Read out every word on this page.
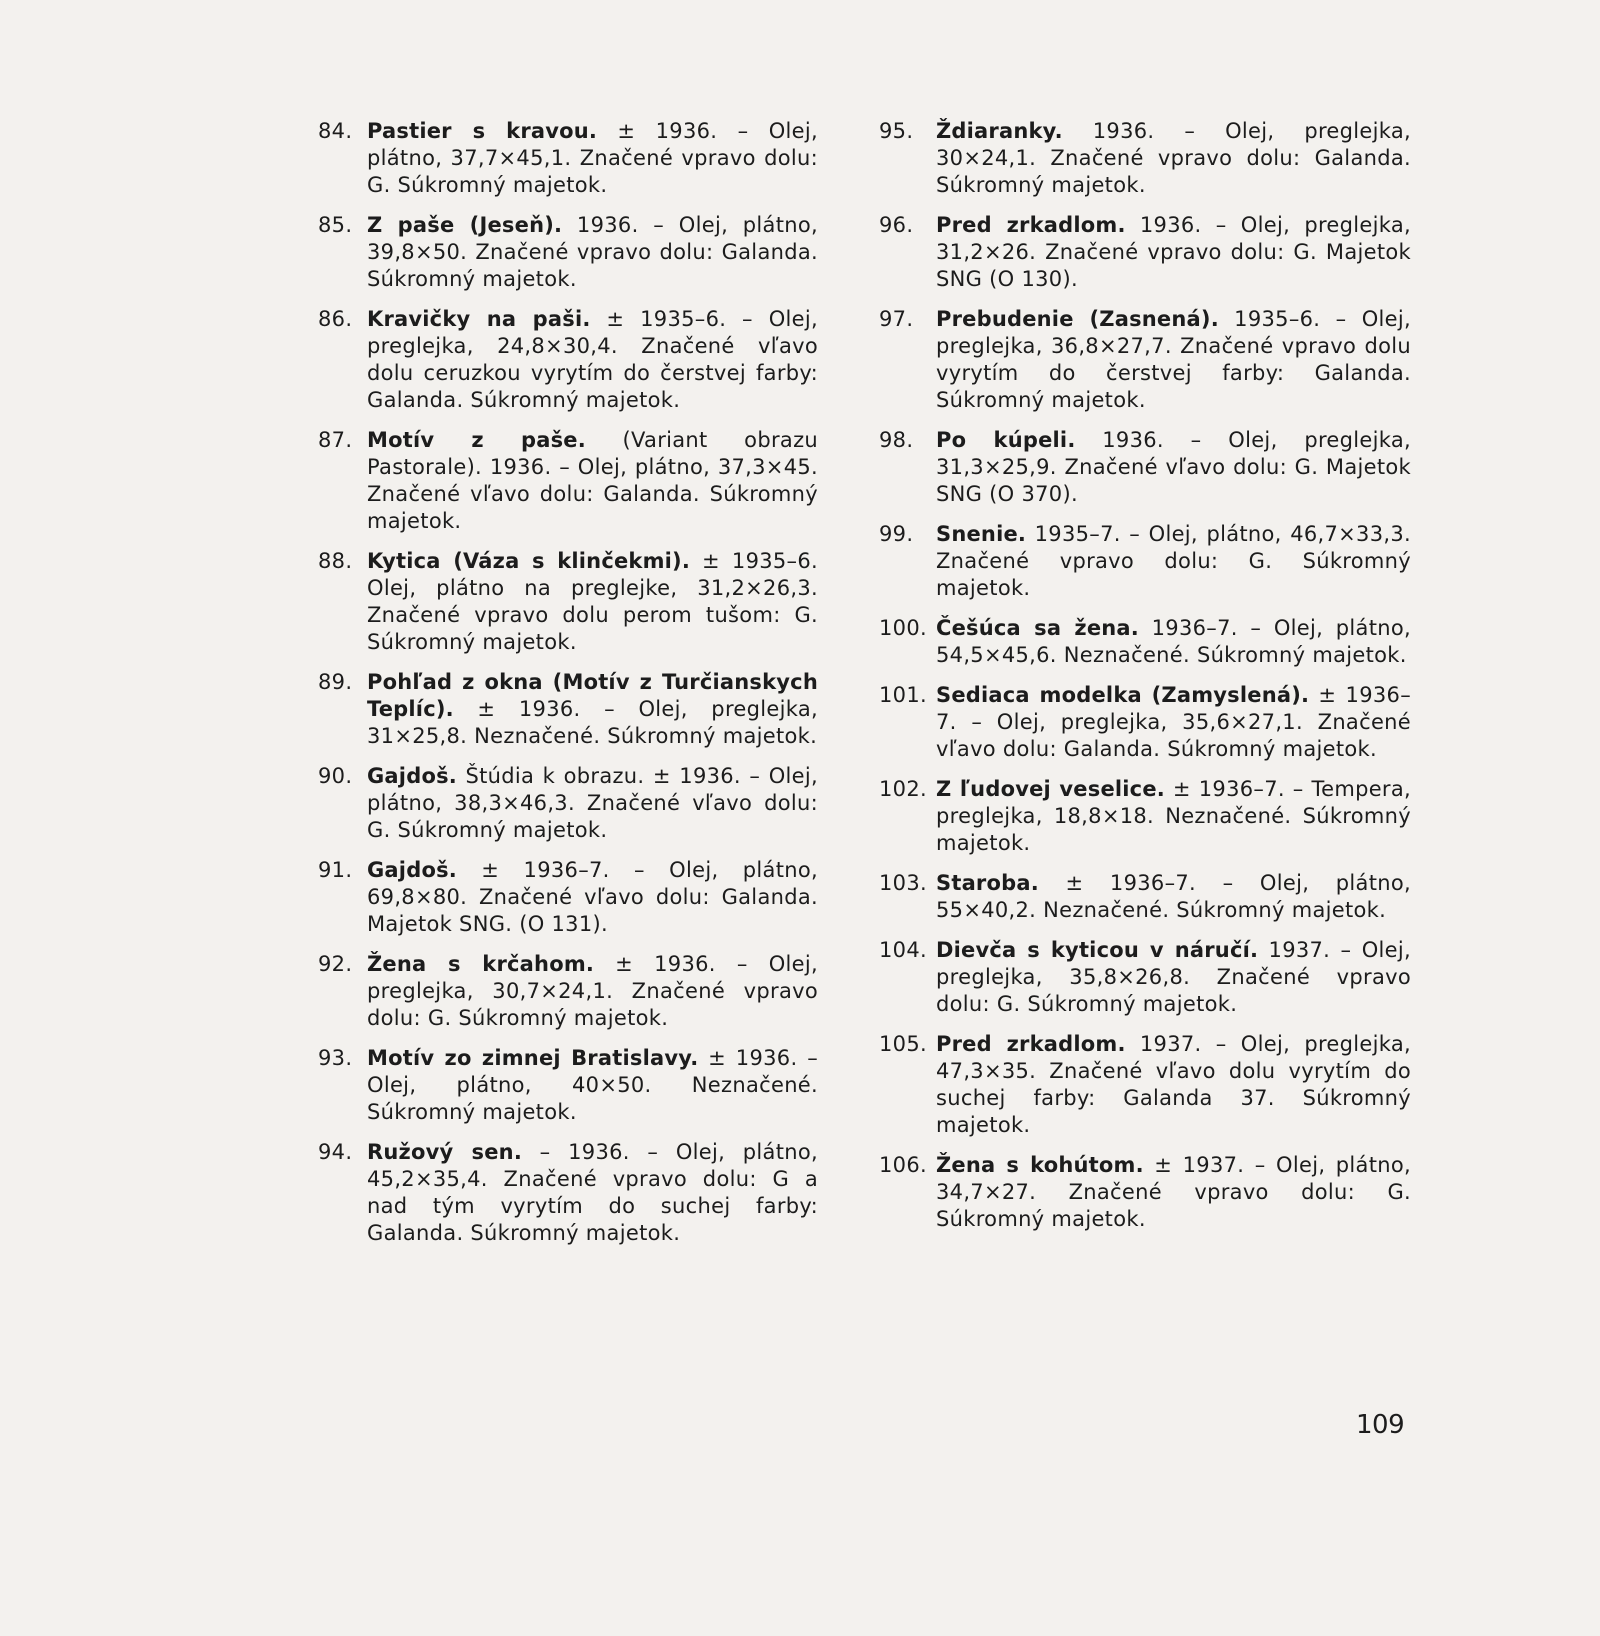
84. Pastier s kravou. ± 1936. – Olej, plátno, 37,7×45,1. Značené vpravo dolu: G. Súkromný majetok.
85. Z paše (Jeseň). 1936. – Olej, plátno, 39,8×50. Značené vpravo dolu: Galanda. Súkromný majetok.
86. Kravičky na paši. ± 1935–6. – Olej, preglejka, 24,8×30,4. Značené vľavo dolu ceruzkou vyrytím do čerstvej farby: Galanda. Súkromný majetok.
87. Motív z paše. (Variant obrazu Pastorale). 1936. – Olej, plátno, 37,3×45. Značené vľavo dolu: Galanda. Súkromný majetok.
88. Kytica (Váza s klinčekmi). ± 1935–6. Olej, plátno na preglejke, 31,2×26,3. Značené vpravo dolu perom tušom: G. Súkromný majetok.
89. Pohľad z okna (Motív z Turčianskych Teplíc). ± 1936. – Olej, preglejka, 31×25,8. Neznačené. Súkromný majetok.
90. Gajdoš. Štúdia k obrazu. ± 1936. – Olej, plátno, 38,3×46,3. Značené vľavo dolu: G. Súkromný majetok.
91. Gajdoš. ± 1936–7. – Olej, plátno, 69,8×80. Značené vľavo dolu: Galanda. Majetok SNG. (O 131).
92. Žena s krčahom. ± 1936. – Olej, preglejka, 30,7×24,1. Značené vpravo dolu: G. Súkromný majetok.
93. Motív zo zimnej Bratislavy. ± 1936. – Olej, plátno, 40×50. Neznačené. Súkromný majetok.
94. Ružový sen. – 1936. – Olej, plátno, 45,2×35,4. Značené vpravo dolu: G a nad tým vyrytím do suchej farby: Galanda. Súkromný majetok.
95.	Ždiaranky. 1936. – Olej, preglejka, 30×24,1. Značené vpravo dolu: Galanda. Súkromný majetok.
96.	Pred zrkadlom. 1936. – Olej, preglejka, 31,2×26. Značené vpravo dolu: G. Majetok SNG (O 130).
97.	Prebudenie (Zasnená). 1935–6. – Olej, preglejka, 36,8×27,7. Značené vpravo dolu vyrytím do čerstvej farby: Galanda. Súkromný majetok.
98.	Po kúpeli. 1936. – Olej, preglejka, 31,3×25,9. Značené vľavo dolu: G. Majetok SNG (O 370).
99.	Snenie. 1935–7. – Olej, plátno, 46,7×33,3. Značené vpravo dolu: G. Súkromný majetok.
100. Češúca sa žena. 1936–7. – Olej, plátno, 54,5×45,6. Neznačené. Súkromný majetok.
101. Sediaca modelka (Zamyslená). ± 1936–7. – Olej, preglejka, 35,6×27,1. Značené vľavo dolu: Galanda. Súkromný majetok.
102. Z ľudovej veselice. ± 1936–7. – Tempera, preglejka, 18,8×18. Neznačené. Súkromný majetok.
103. Staroba. ± 1936–7. – Olej, plátno, 55×40,2. Neznačené. Súkromný majetok.
104. Dievča s kyticou v náručí. 1937. – Olej, preglejka, 35,8×26,8. Značené vpravo dolu: G. Súkromný majetok.
105. Pred zrkadlom. 1937. – Olej, preglejka, 47,3×35. Značené vľavo dolu vyrytím do suchej farby: Galanda 37. Súkromný majetok.
106. Žena s kohútom. ± 1937. – Olej, plátno, 34,7×27. Značené vpravo dolu: G. Súkromný majetok.
109
